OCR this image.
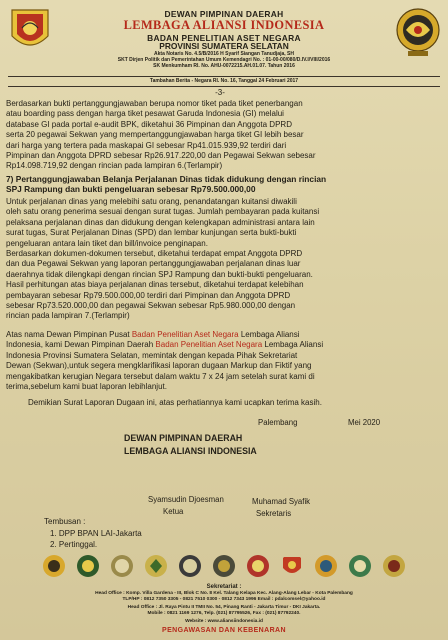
DEWAN PIMPINAN DAERAH
LEMBAGA ALIANSI INDONESIA
BADAN PENELITIAN ASET NEGARA
PROVINSI SUMATERA SELATAN
Akta Notaris No. 4.5/B/2016 H Syarif Siangan Tanudjaja, SH
SKT Dirjen Politik dan Pemerintahan Umum Kemendagri No. : 01-00-00/080/D.IV.I/VIII/2016
SK Menkumham RI. No. AHU-0072215.AH.01.07. Tahun 2016
Tambahan Berita - Negara RI. No. 16, Tanggal 24 Februari 2017
-3-
Berdasarkan bukti pertanggungjawaban berupa nomor tiket pada tiket penerbangan
atau boarding pass dengan harga tiket pesawat Garuda Indonesia (GI) melalui
database GI pada portal e-audit BPK, diketahui 36 Pimpinan dan Anggota DPRD
serta 20 pegawai Sekwan yang mempertanggungjawaban harga tiket GI lebih besar
dari harga yang tertera pada maskapai GI sebesar Rp41.015.939,92 terdiri dari
Pimpinan dan Anggota DPRD sebesar Rp26.917.220,00 dan Pegawai Sekwan sebesar
Rp14.098.719,92 dengan rincian pada lampiran 6.(Terlampir)
7) Pertanggungjawaban Belanja Perjalanan Dinas tidak didukung dengan rincian
SPJ Rampung dan bukti pengeluaran sebesar Rp79.500.000,00
Untuk perjalanan dinas yang melebihi satu orang, penandatangan kuitansi diwakili
oleh satu orang penerima sesuai dengan surat tugas. Jumlah pembayaran pada kuitansi
pelaksana perjalanan dinas dan didukung dengan kelengkapan administrasi antara lain
surat tugas, Surat Perjalanan Dinas (SPD) dan lembar kunjungan serta bukti-bukti
pengeluaran antara lain tiket dan bill/invoice penginapan.
Berdasarkan dokumen-dokumen tersebut, diketahui terdapat empat Anggota DPRD
dan dua Pegawai Sekwan yang laporan pertanggungjawaban perjalanan dinas luar
daerahnya tidak dilengkapi dengan rincian SPJ Rampung dan bukti-bukti pengeluaran.
Hasil perhitungan atas biaya perjalanan dinas tersebut, diketahui terdapat kelebihan
pembayaran sebesar Rp79.500.000,00 terdiri dari Pimpinan dan Anggota DPRD
sebesar Rp73.520.000,00 dan pegawai Sekwan sebesar Rp5.980.000,00 dengan
rincian pada lampiran 7.(Terlampir)
Atas nama Dewan Pimpinan Pusat Badan Penelitian Aset Negara Lembaga Aliansi
Indonesia, kami Dewan Pimpinan Daerah Badan Penelitian Aset Negara Lembaga Aliansi
Indonesia Provinsi Sumatera Selatan, memintak dengan kepada Pihak Sekretariat
Dewan (Sekwan),untuk segera mengklarifikasi laporan dugaan Markup dan Fiktif yang
mengakibatkan kerugian Negara tersebut dalam waktu 7 x 24 jam setelah surat kami di
terima,sebelum kami buat laporan lebihlanjut.
Demikian Surat Laporan Dugaan ini, atas perhatiannya kami ucapkan terima kasih.
Palembang	Mei 2020
DEWAN PIMPINAN DAERAH
LEMBAGA ALIANSI INDONESIA
Syamsudin Djoesman
Ketua
Muhamad Syafik
Sekretaris
Tembusan :
1. DPP BPAN LAI-Jakarta
2. Pertinggal.
Sekretariat :
Head Office : Komp. Villa Gardena - III, Blok C No. 8 Kel. Talang Kelapa Kec. Alang-Alang Lebar - Kota Palembang
TLP/HP : 0812 7350 3305 - 0821 7510 0300 - 0812 7343 1996 Email : pdalcomsel@yahoo.id
Head Office : Jl. Raya Pintu II TMII No. 54, Pinang Ranti - Jakarta Timur - DKI Jakarta.
Mobile : 0821 1169 1276, Telp. (021) 87795526, Fax : (021) 87792240.
Website : www.aliansiindonesia.id
PENGAWASAN DAN KEBENARAN
